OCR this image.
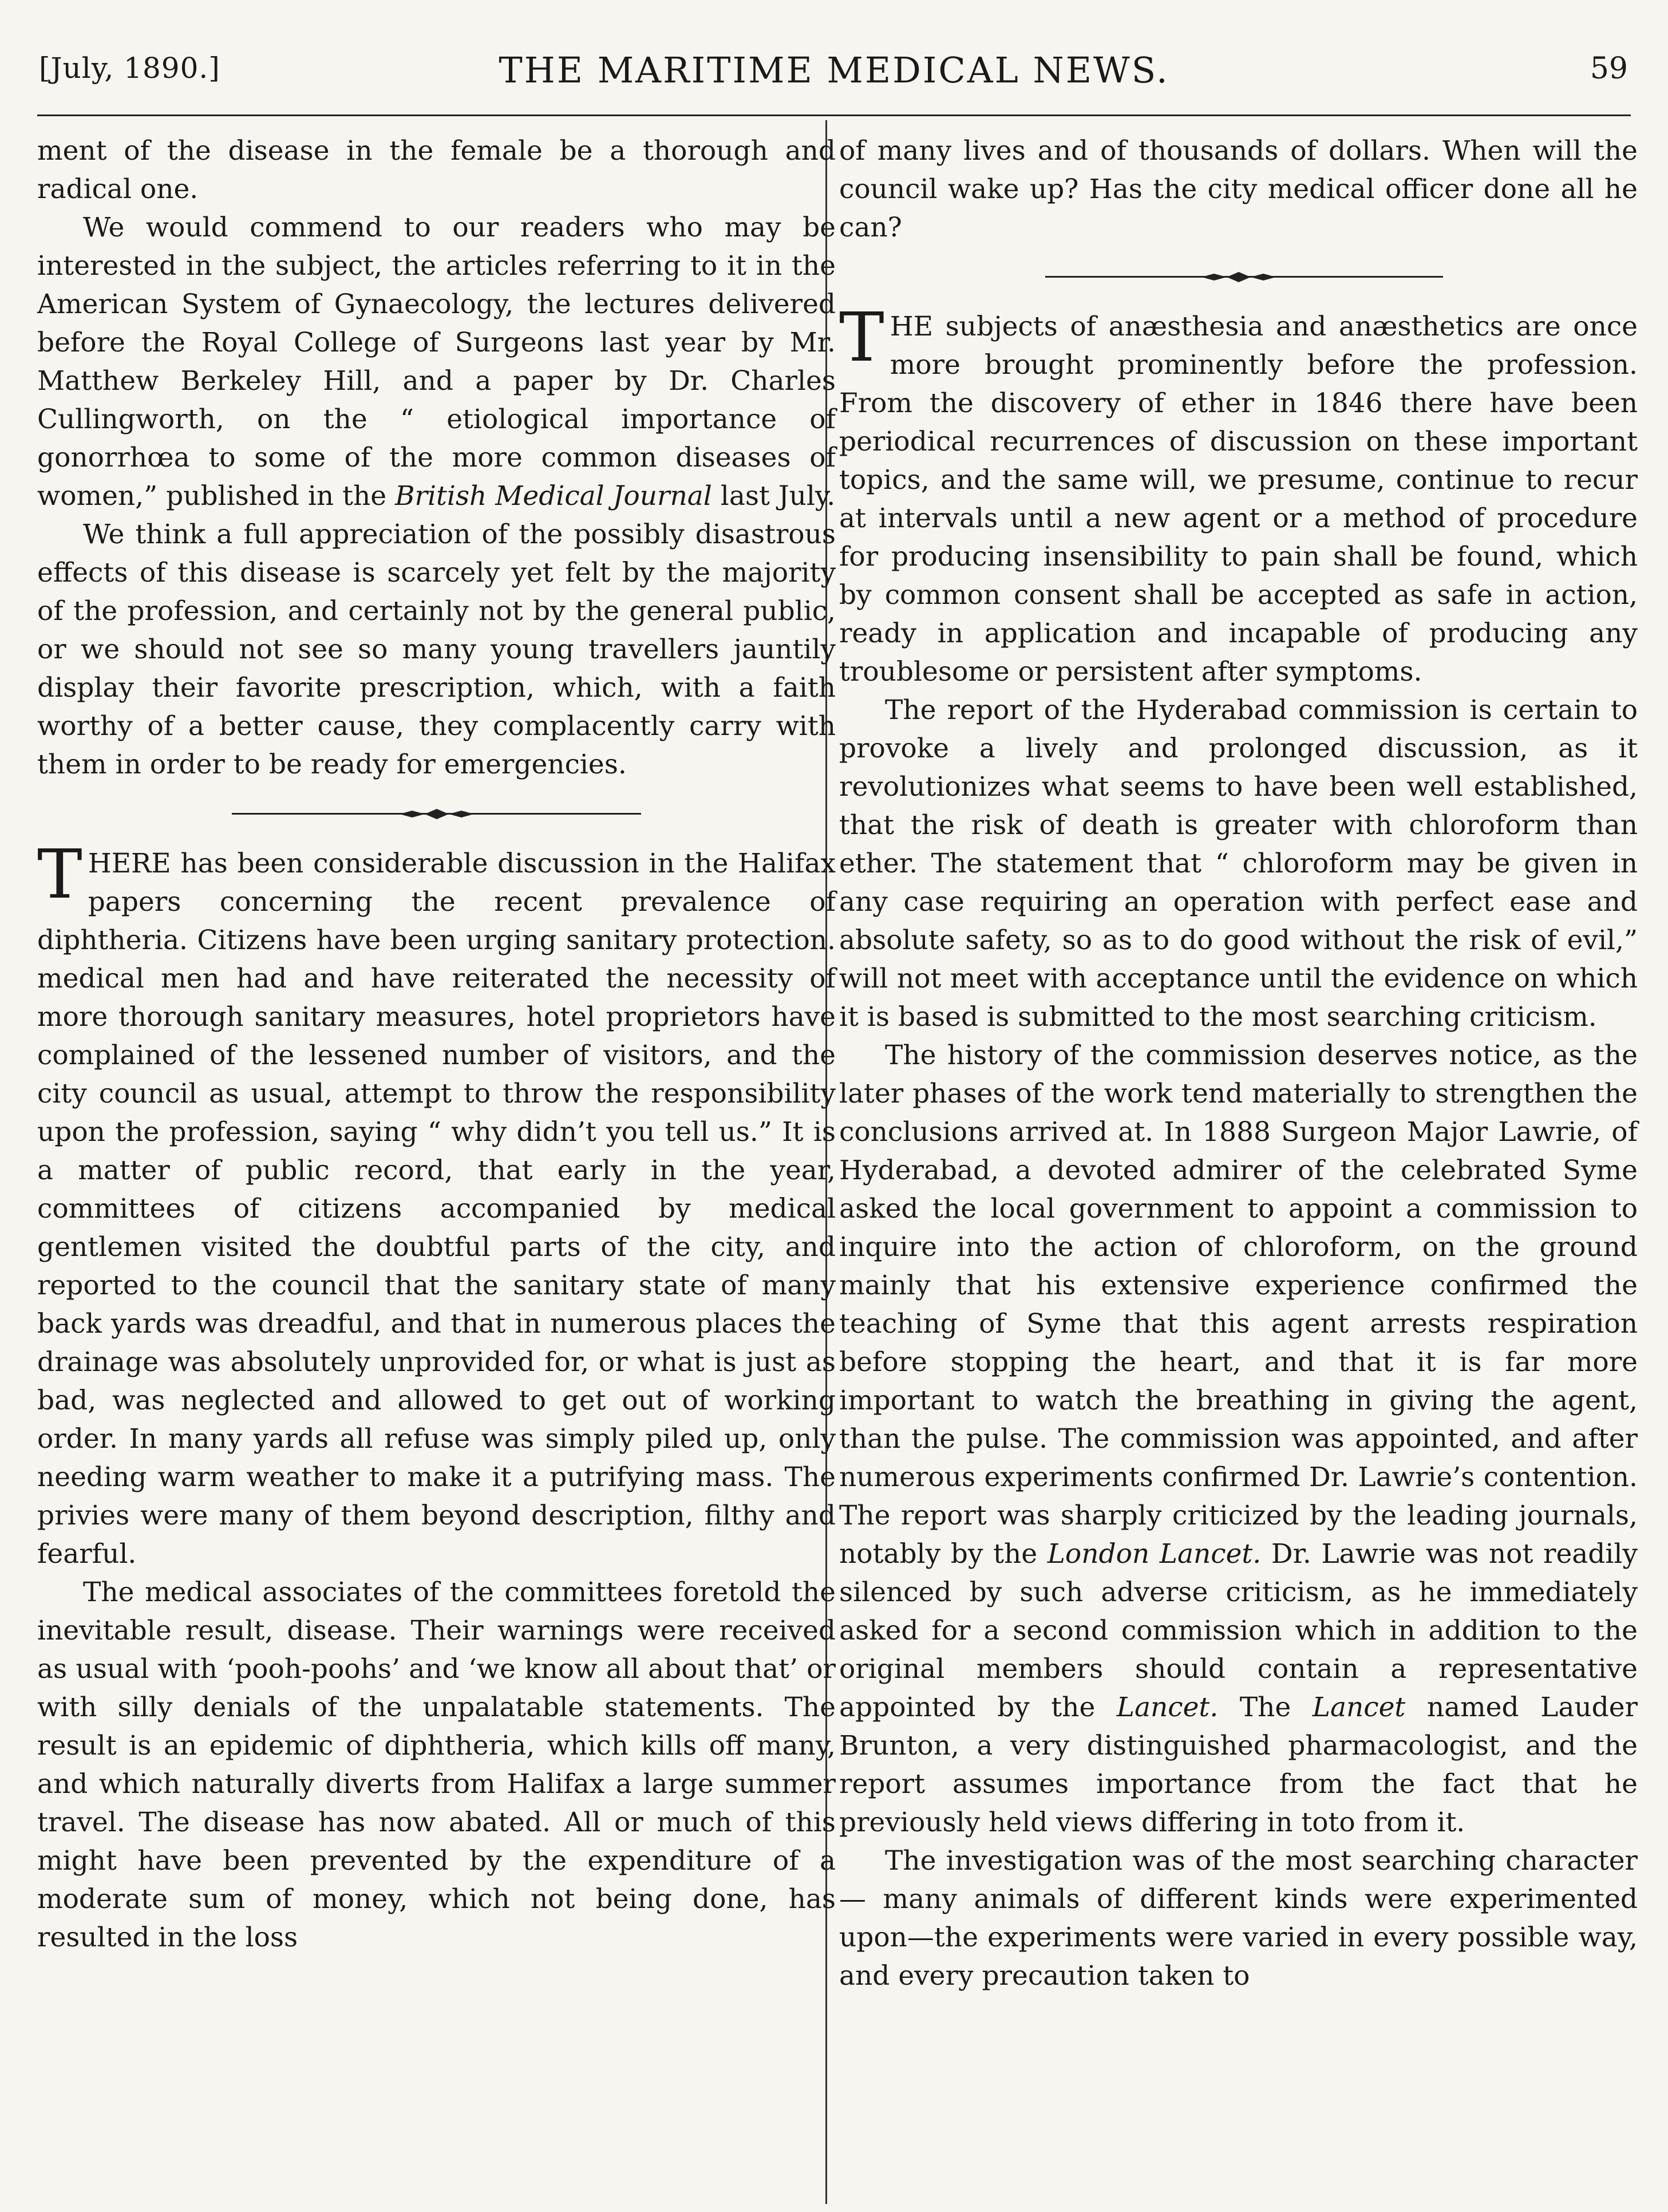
[July, 1890.]	THE MARITIME MEDICAL NEWS.	59

ment of the disease in the female be a thorough and radical one.

We would commend to our readers who may be interested in the subject, the articles referring to it in the American System of Gynaecology, the lectures delivered before the Royal College of Surgeons last year by Mr. Matthew Berkeley Hill, and a paper by Dr. Charles Cullingworth, on the “ etiological importance of gonorrhœa to some of the more common diseases of women,” published in the British Medical Journal last July.

We think a full appreciation of the possibly disastrous effects of this disease is scarcely yet felt by the majority of the profession, and certainly not by the general public, or we should not see so many young travellers jauntily display their favorite prescription, which, with a faith worthy of a better cause, they complacently carry with them in order to be ready for emergencies.

THERE has been considerable discussion in the Halifax papers concerning the recent prevalence of diphtheria. Citizens have been urging sanitary protection. medical men had and have reiterated the necessity of more thorough sanitary measures, hotel proprietors have complained of the lessened number of visitors, and the city council as usual, attempt to throw the responsibility upon the profession, saying “ why didn’t you tell us.” It is a matter of public record, that early in the year, committees of citizens accompanied by medical gentlemen visited the doubtful parts of the city, and reported to the council that the sanitary state of many back yards was dreadful, and that in numerous places the drainage was absolutely unprovided for, or what is just as bad, was neglected and allowed to get out of working order. In many yards all refuse was simply piled up, only needing warm weather to make it a putrifying mass. The privies were many of them beyond description, filthy and fearful.

The medical associates of the committees foretold the inevitable result, disease. Their warnings were received as usual with ‘pooh-poohs’ and ‘we know all about that’ or with silly denials of the unpalatable statements. The result is an epidemic of diphtheria, which kills off many, and which naturally diverts from Halifax a large summer travel. The disease has now abated. All or much of this might have been prevented by the expenditure of a moderate sum of money, which not being done, has resulted in the loss

of many lives and of thousands of dollars. When will the council wake up? Has the city medical officer done all he can?

THE subjects of anæsthesia and anæsthetics are once more brought prominently before the profession. From the discovery of ether in 1846 there have been periodical recurrences of discussion on these important topics, and the same will, we presume, continue to recur at intervals until a new agent or a method of procedure for producing insensibility to pain shall be found, which by common consent shall be accepted as safe in action, ready in application and incapable of producing any troublesome or persistent after symptoms.

The report of the Hyderabad commission is certain to provoke a lively and prolonged discussion, as it revolutionizes what seems to have been well established, that the risk of death is greater with chloroform than ether. The statement that “ chloroform may be given in any case requiring an operation with perfect ease and absolute safety, so as to do good without the risk of evil,” will not meet with acceptance until the evidence on which it is based is submitted to the most searching criticism.

The history of the commission deserves notice, as the later phases of the work tend materially to strengthen the conclusions arrived at. In 1888 Surgeon Major Lawrie, of Hyderabad, a devoted admirer of the celebrated Syme asked the local government to appoint a commission to inquire into the action of chloroform, on the ground mainly that his extensive experience confirmed the teaching of Syme that this agent arrests respiration before stopping the heart, and that it is far more important to watch the breathing in giving the agent, than the pulse. The commission was appointed, and after numerous experiments confirmed Dr. Lawrie’s contention. The report was sharply criticized by the leading journals, notably by the London Lancet. Dr. Lawrie was not readily silenced by such adverse criticism, as he immediately asked for a second commission which in addition to the original members should contain a representative appointed by the Lancet. The Lancet named Lauder Brunton, a very distinguished pharmacologist, and the report assumes importance from the fact that he previously held views differing in toto from it.

The investigation was of the most searching character — many animals of different kinds were experimented upon—the experiments were varied in every possible way, and every precaution taken to
